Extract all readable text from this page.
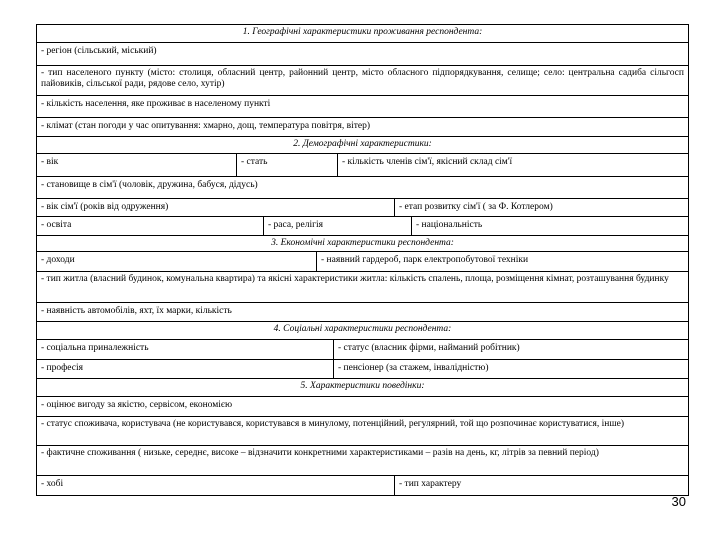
1. Географічні характеристики проживання респондента:
- регіон (сільський, міський)
- тип населеного пункту (місто: столиця, обласний центр, районний центр, місто обласного підпорядкування, селище; село: центральна садиба сільгосп пайовиків, сільської ради, рядове село, хутір)
- кількість населення, яке проживає в населеному пункті
- клімат (стан погоди у час опитування: хмарно, дощ, температура повітря, вітер)
2. Демографічні характеристики:
- вік	- стать	- кількість членів сім'ї, якісний склад сім'ї
- становище в сім'ї (чоловік, дружина, бабуся, дідусь)
- вік сім'ї (років від одруження)	- етап розвитку сім'ї ( за Ф. Котлером)
- освіта	- раса, релігія	- національність
3. Економічні характеристики респондента:
- доходи	- наявний гардероб, парк електропобутової техніки
- тип житла (власний будинок, комунальна квартира) та якісні характеристики житла: кількість спалень, площа, розміщення кімнат, розташування будинку
- наявність автомобілів, яхт, їх марки, кількість
4. Соціальні характеристики респондента:
- соціальна приналежність	- статус (власник фірми, найманий робітник)
- професія	- пенсіонер (за стажем, інвалідністю)
5. Характеристики поведінки:
- оцінює вигоду за якістю, сервісом, економією
- статус споживача, користувача (не користувався, користувався в минулому, потенційний, регулярний, той що розпочинає користуватися, інше)
- фактичне споживання ( низьке, середнє, високе – відзначити конкретними характеристиками – разів на день, кг, літрів за певний період)
- хобі	- тип характеру
30
